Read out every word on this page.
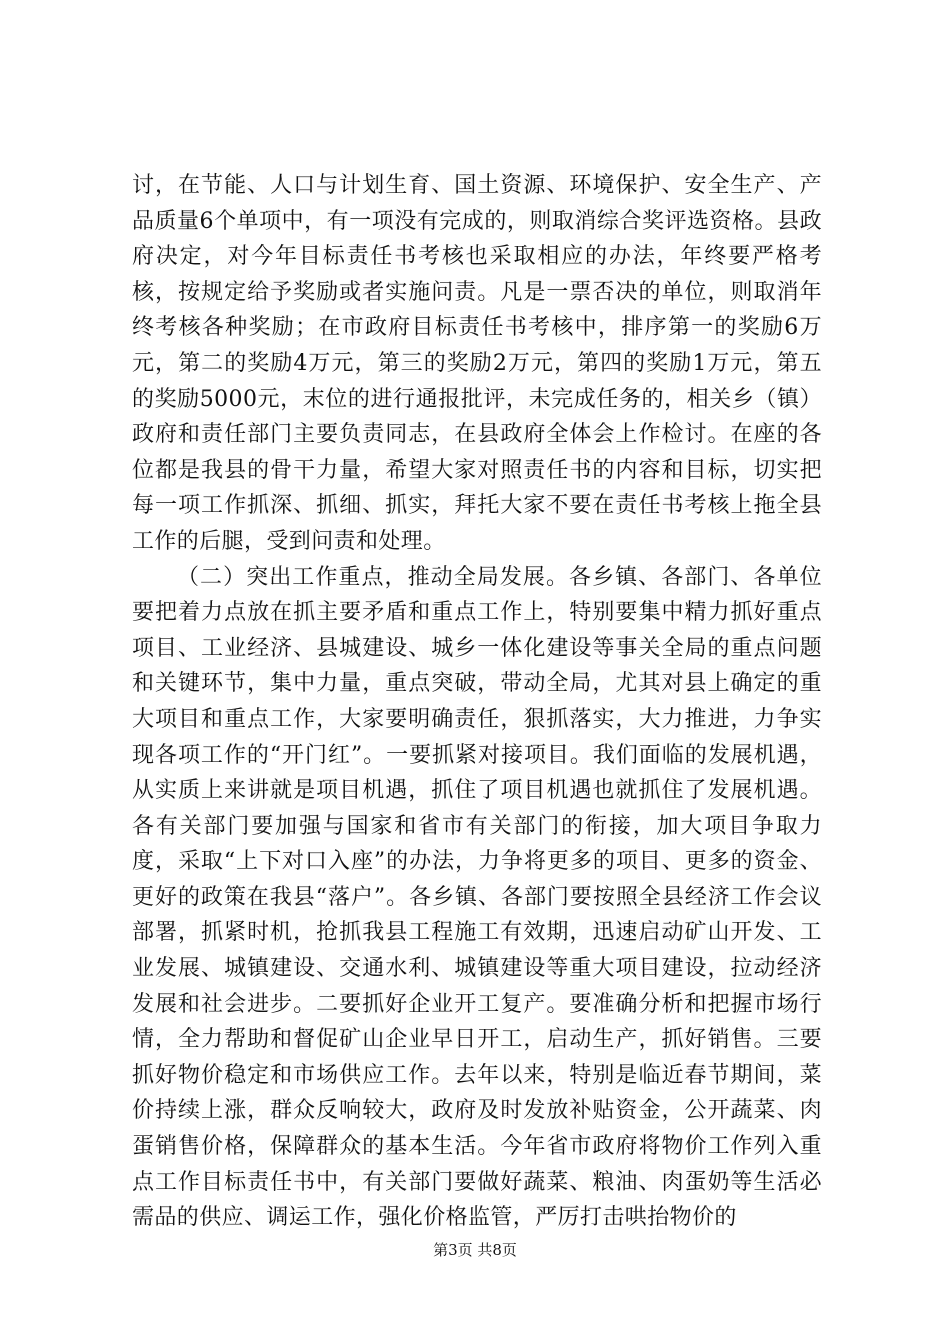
讨，在节能、人口与计划生育、国土资源、环境保护、安全生产、产品质量6个单项中，有一项没有完成的，则取消综合奖评选资格。县政府决定，对今年目标责任书考核也采取相应的办法，年终要严格考核，按规定给予奖励或者实施问责。凡是一票否决的单位，则取消年终考核各种奖励；在市政府目标责任书考核中，排序第一的奖励6万元，第二的奖励4万元，第三的奖励2万元，第四的奖励1万元，第五的奖励5000元，末位的进行通报批评，未完成任务的，相关乡（镇）政府和责任部门主要负责同志，在县政府全体会上作检讨。在座的各位都是我县的骨干力量，希望大家对照责任书的内容和目标，切实把每一项工作抓深、抓细、抓实，拜托大家不要在责任书考核上拖全县工作的后腿，受到问责和处理。

（二）突出工作重点，推动全局发展。各乡镇、各部门、各单位要把着力点放在抓主要矛盾和重点工作上，特别要集中精力抓好重点项目、工业经济、县城建设、城乡一体化建设等事关全局的重点问题和关键环节，集中力量，重点突破，带动全局，尤其对县上确定的重大项目和重点工作，大家要明确责任，狠抓落实，大力推进，力争实现各项工作的“开门红”。一要抓紧对接项目。我们面临的发展机遇，从实质上来讲就是项目机遇，抓住了项目机遇也就抓住了发展机遇。各有关部门要加强与国家和省市有关部门的衔接，加大项目争取力度，采取“上下对口入座”的办法，力争将更多的项目、更多的资金、更好的政策在我县“落户”。各乡镇、各部门要按照全县经济工作会议部署，抓紧时机，抢抓我县工程施工有效期，迅速启动矿山开发、工业发展、城镇建设、交通水利、城镇建设等重大项目建设，拉动经济发展和社会进步。二要抓好企业开工复产。要准确分析和把握市场行情，全力帮助和督促矿山企业早日开工，启动生产，抓好销售。三要抓好物价稳定和市场供应工作。去年以来，特别是临近春节期间，菜价持续上涨，群众反响较大，政府及时发放补贴资金，公开蔬菜、肉蛋销售价格，保障群众的基本生活。今年省市政府将物价工作列入重点工作目标责任书中，有关部门要做好蔬菜、粮油、肉蛋奶等生活必需品的供应、调运工作，强化价格监管，严厉打击哄抬物价的

第3页 共8页
